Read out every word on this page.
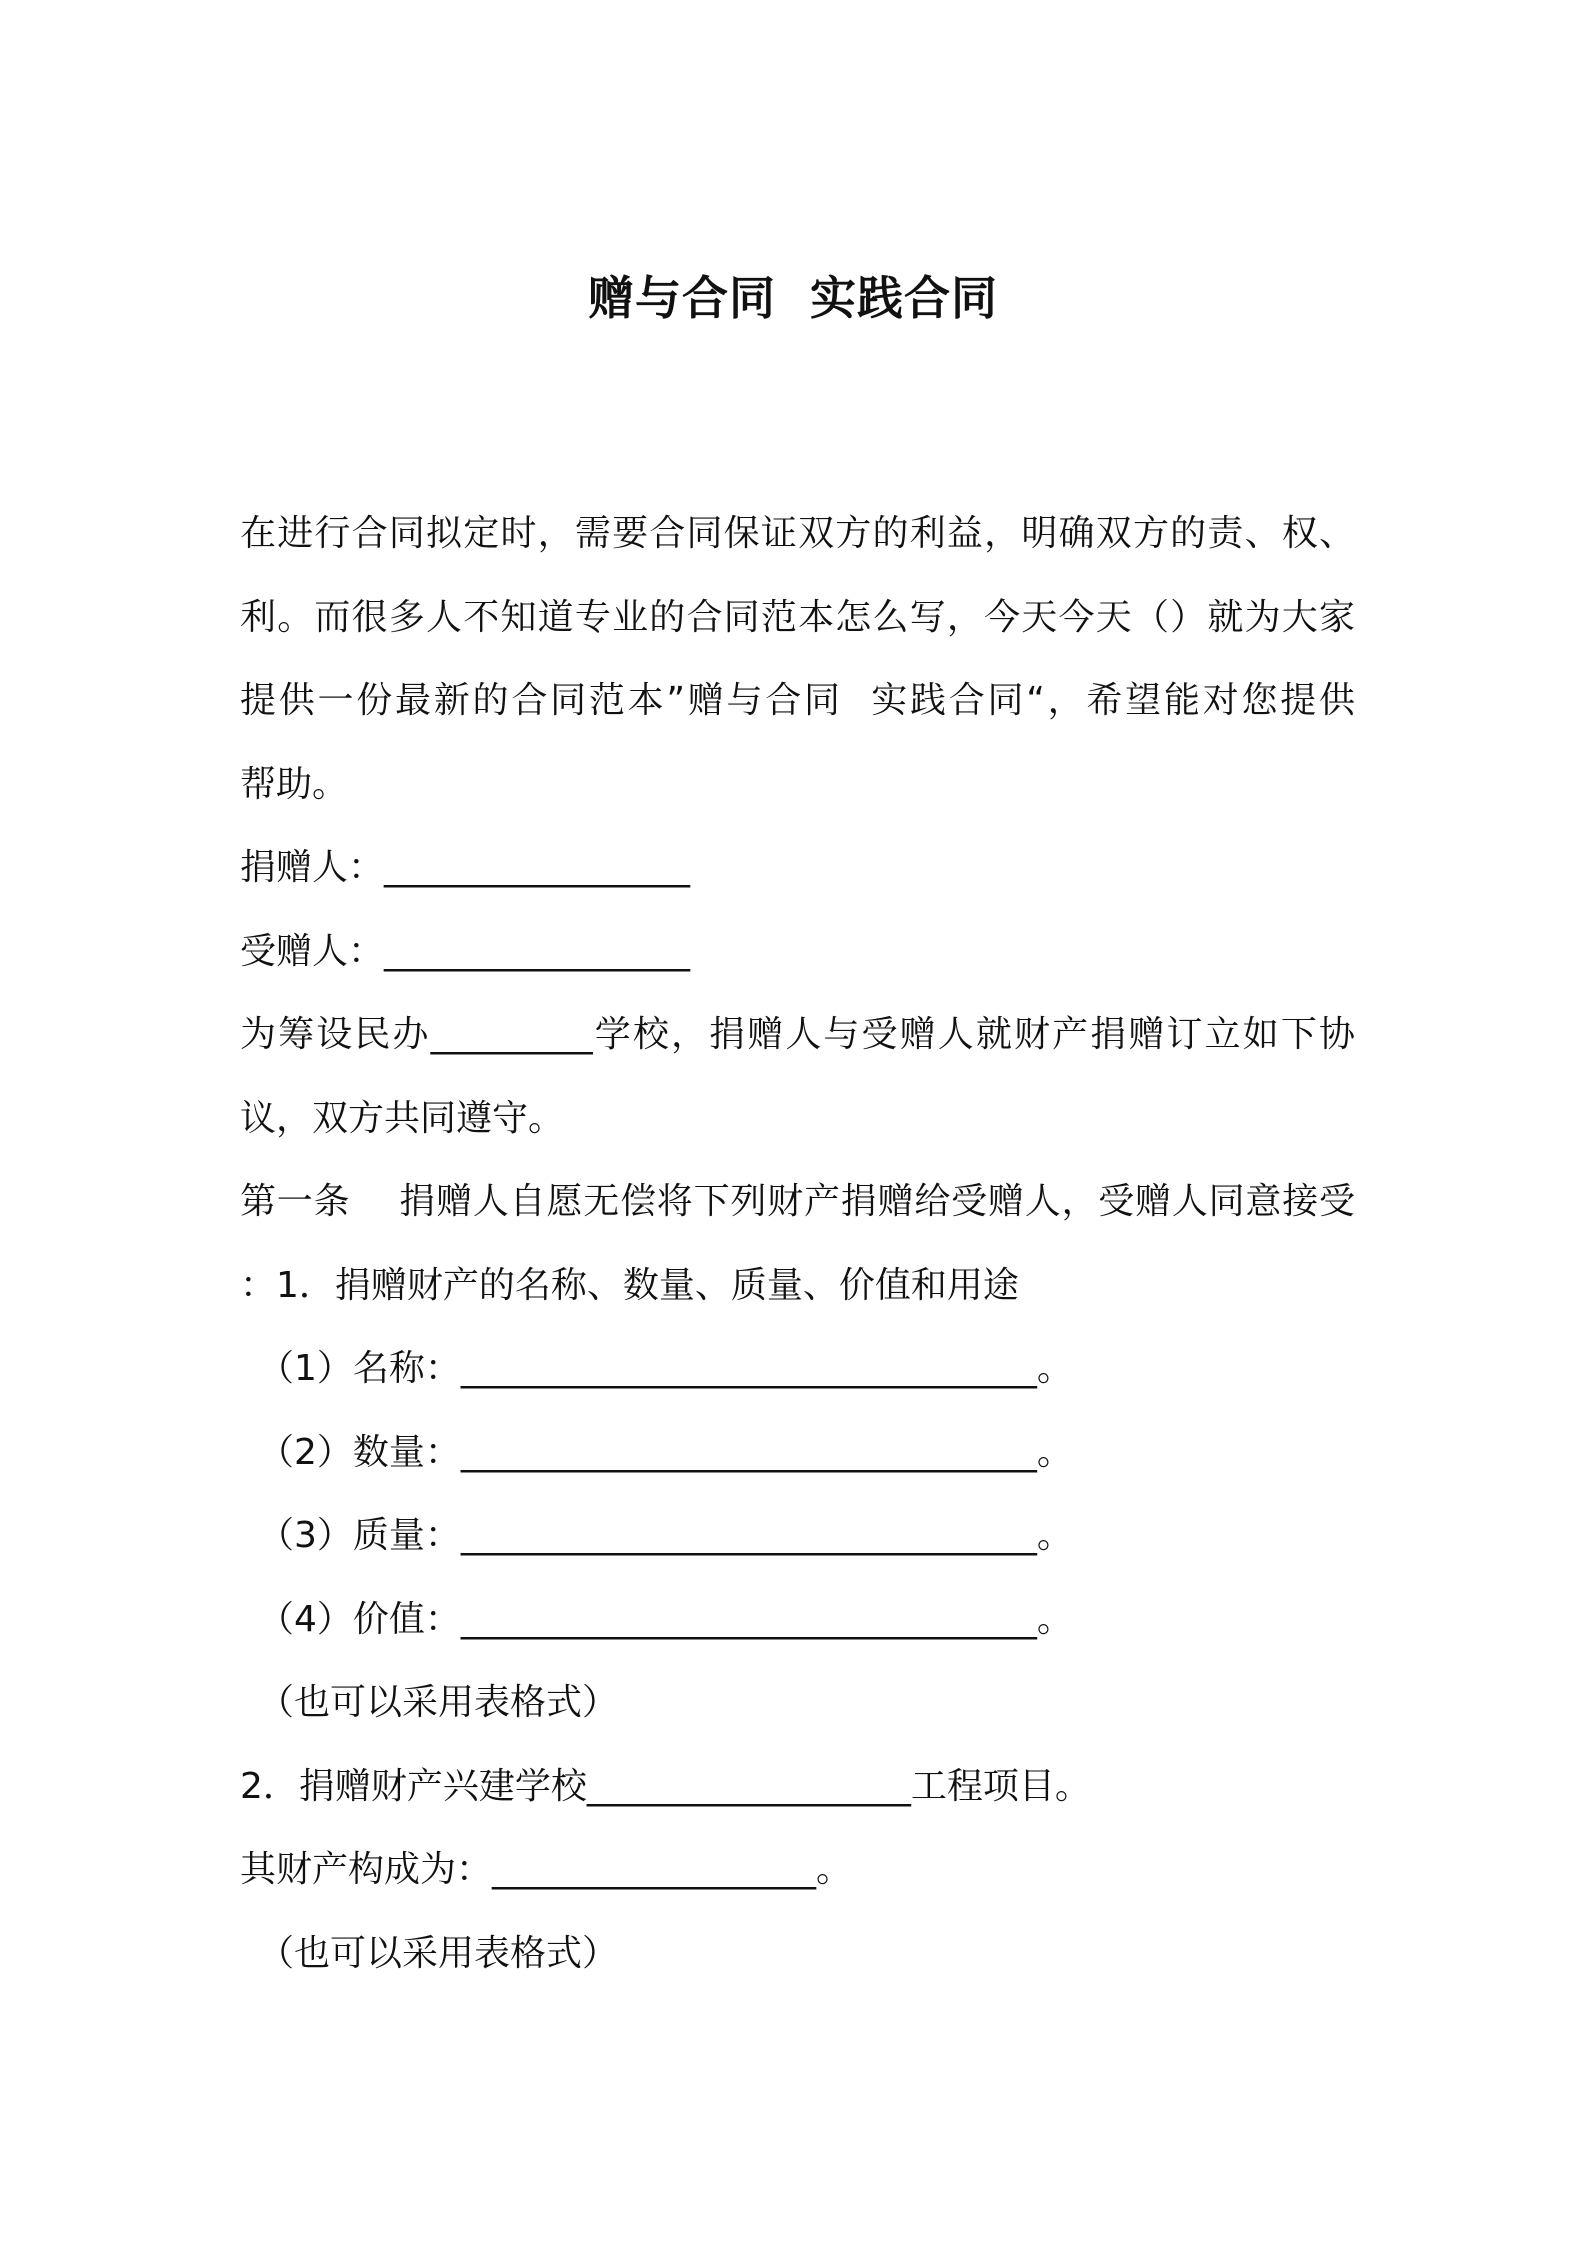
赠与合同  实践合同
在进行合同拟定时，需要合同保证双方的利益，明确双方的责、权、
利。而很多人不知道专业的合同范本怎么写，今天今天（）就为大家
提供一份最新的合同范本”赠与合同  实践合同“，希望能对您提供
帮助。
捐赠人：_________________
受赠人：_________________
为筹设民办_________学校，捐赠人与受赠人就财产捐赠订立如下协
议，双方共同遵守。
第一条    捐赠人自愿无偿将下列财产捐赠给受赠人，受赠人同意接受
：1．捐赠财产的名称、数量、质量、价值和用途
（1）名称：________________________________。
（2）数量：________________________________。
（3）质量：________________________________。
（4）价值：________________________________。
（也可以采用表格式）
2．捐赠财产兴建学校__________________工程项目。
其财产构成为：__________________。
（也可以采用表格式）
